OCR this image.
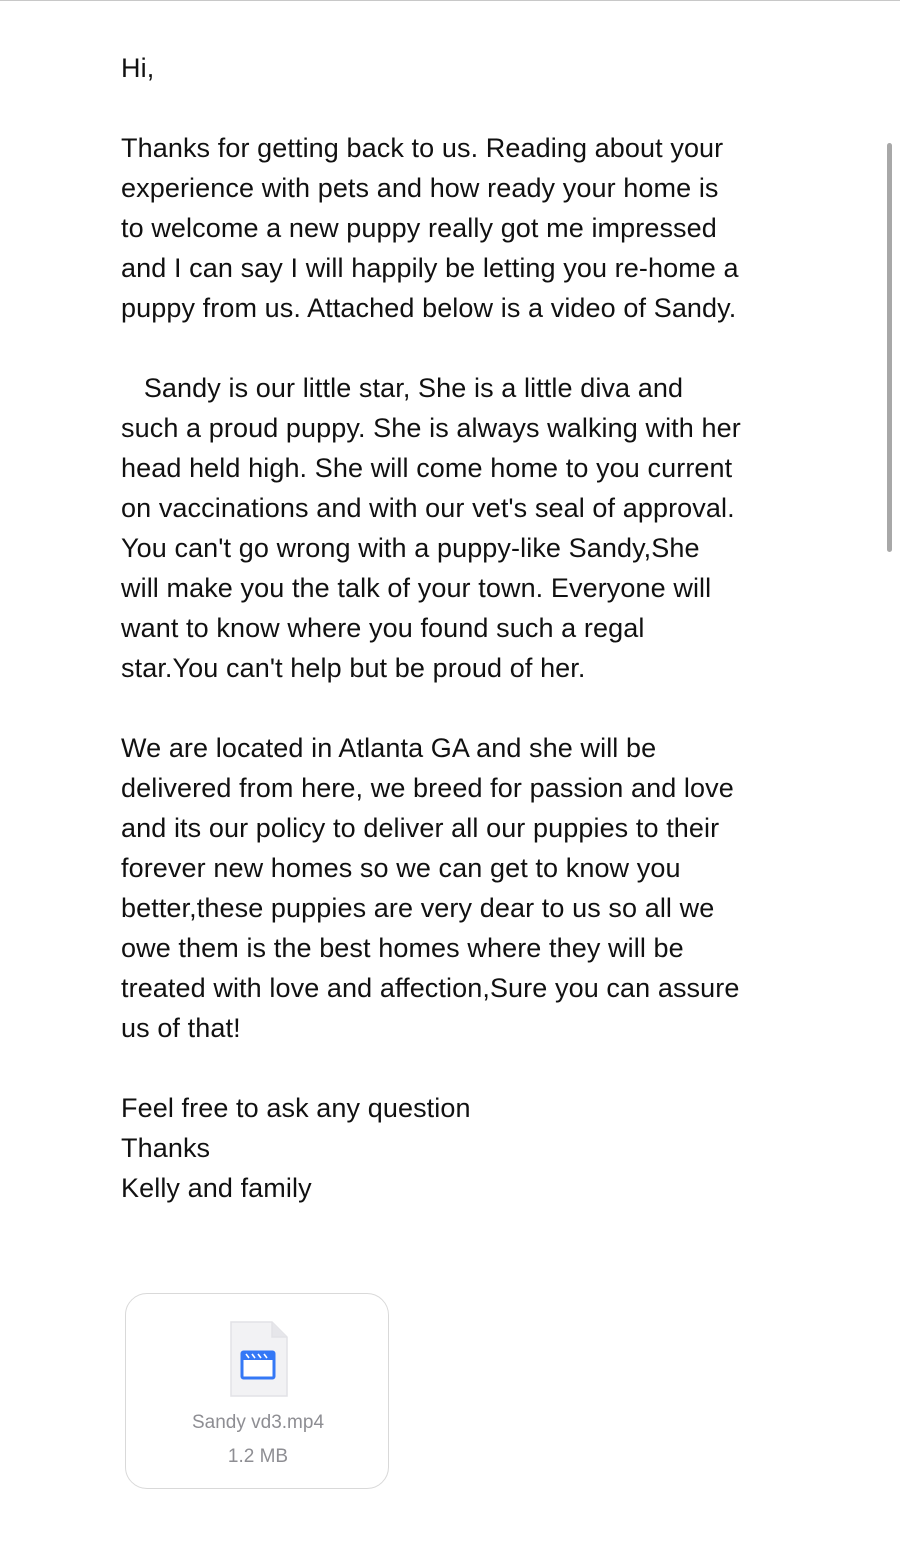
Hi,

Thanks for getting back to us. Reading about your experience with pets and how ready your home is to welcome a new puppy really got me impressed and I can say I will happily be letting you re-home a puppy from us. Attached below is a video of Sandy.

Sandy is our little star, She is a little diva and such a proud puppy. She is always walking with her head held high. She will come home to you current on vaccinations and with our vet's seal of approval. You can't go wrong with a puppy-like Sandy,She will make you the talk of your town. Everyone will want to know where you found such a regal star.You can't help but be proud of her.

We are located in Atlanta GA and she will be delivered from here, we breed for passion and love and its our policy to deliver all our puppies to their forever new homes so we can get to know you better,these puppies are very dear to us so all we owe them is the best homes where they will be treated with love and affection,Sure you can assure us of that!

Feel free to ask any question

Thanks

Kelly and family

Sandy vd3.mp4
1.2 MB
